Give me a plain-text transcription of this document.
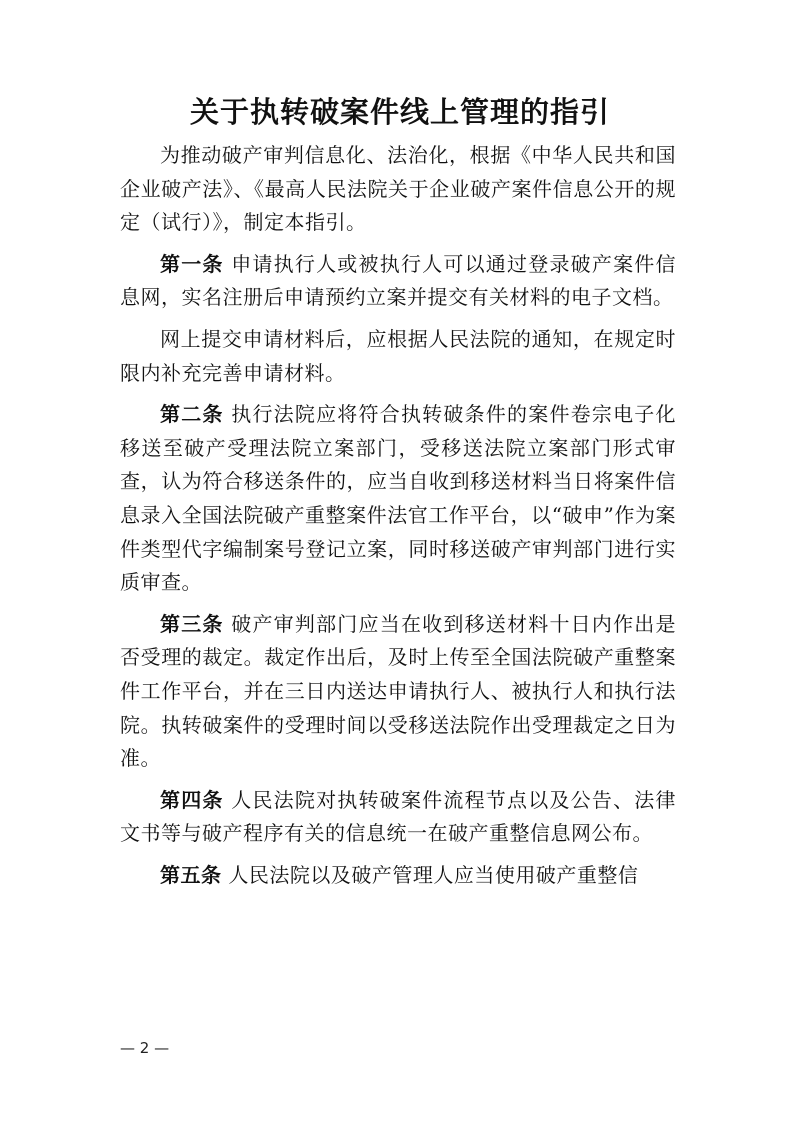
关于执转破案件线上管理的指引

为推动破产审判信息化、法治化，根据《中华人民共和国企业破产法》、《最高人民法院关于企业破产案件信息公开的规定（试行）》，制定本指引。

第一条 申请执行人或被执行人可以通过登录破产案件信息网，实名注册后申请预约立案并提交有关材料的电子文档。

网上提交申请材料后，应根据人民法院的通知，在规定时限内补充完善申请材料。

第二条 执行法院应将符合执转破条件的案件卷宗电子化移送至破产受理法院立案部门，受移送法院立案部门形式审查，认为符合移送条件的，应当自收到移送材料当日将案件信息录入全国法院破产重整案件法官工作平台，以“破申”作为案件类型代字编制案号登记立案，同时移送破产审判部门进行实质审查。

第三条 破产审判部门应当在收到移送材料十日内作出是否受理的裁定。裁定作出后，及时上传至全国法院破产重整案件工作平台，并在三日内送达申请执行人、被执行人和执行法院。执转破案件的受理时间以受移送法院作出受理裁定之日为准。

第四条 人民法院对执转破案件流程节点以及公告、法律文书等与破产程序有关的信息统一在破产重整信息网公布。

第五条 人民法院以及破产管理人应当使用破产重整信

— 2 —
